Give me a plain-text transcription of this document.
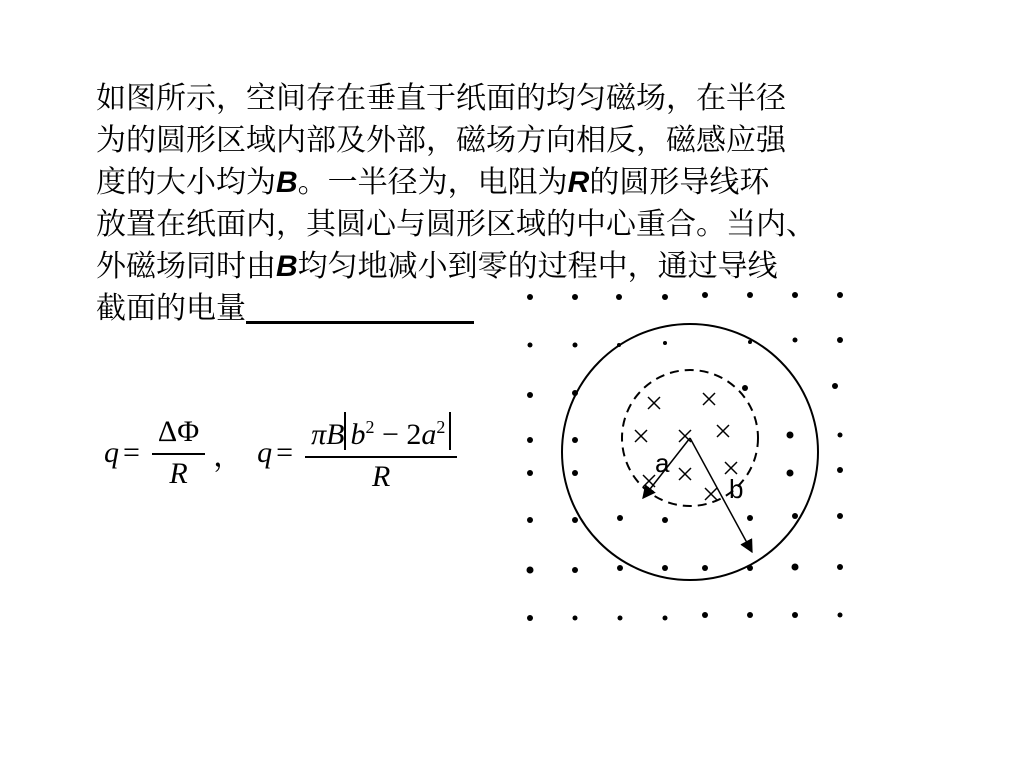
如图所示，空间存在垂直于纸面的均匀磁场，在半径
为的圆形区域内部及外部，磁场方向相反，磁感应强
度的大小均为B。一半径为，电阻为R的圆形导线环
放置在纸面内，其圆心与圆形区域的中心重合。当内、
外磁场同时由B均匀地减小到零的过程中，通过导线
截面的电量
$q = \frac{\Delta\Phi}{R}$ ， $q = \frac{\pi B b^2 - 2a^2}{R}$	a
b
